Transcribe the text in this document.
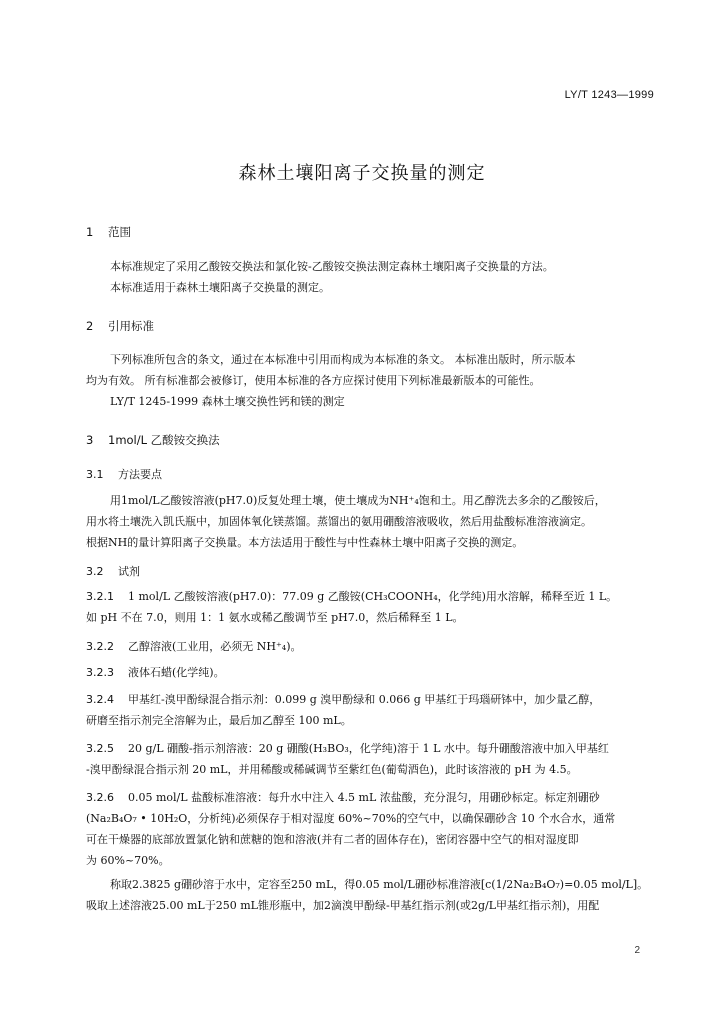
LY/T 1243—1999
森林土壤阳离子交换量的测定
1 范围
本标准规定了采用乙酸铵交换法和氯化铵-乙酸铵交换法测定森林土壤阳离子交换量的方法。
本标准适用于森林土壤阳离子交换量的测定。
2 引用标准
下列标准所包含的条文，通过在本标准中引用而构成为本标准的条文。 本标准出版时，所示版本
均为有效。 所有标准都会被修订，使用本标准的各方应探讨使用下列标准最新版本的可能性。
LY/T 1245-1999 森林土壤交换性钙和镁的测定
3 1mol/L 乙酸铵交换法
3.1 方法要点
用1mol/L乙酸铵溶液(pH7.0)反复处理土壤，使土壤成为NH⁺₄饱和土。用乙醇洗去多余的乙酸铵后，
用水将土壤洗入凯氏瓶中，加固体氧化镁蒸馏。蒸馏出的氨用硼酸溶液吸收，然后用盐酸标准溶液滴定。
根据NH的量计算阳离子交换量。本方法适用于酸性与中性森林土壤中阳离子交换的测定。
3.2 试剂
3.2.1 1 mol/L 乙酸铵溶液(pH7.0)：77.09 g 乙酸铵(CH₃COONH₄，化学纯)用水溶解，稀释至近 1 L。
如 pH 不在 7.0，则用 1：1 氨水或稀乙酸调节至 pH7.0，然后稀释至 1 L。
3.2.2 乙醇溶液(工业用，必须无 NH⁺₄)。
3.2.3 液体石蜡(化学纯)。
3.2.4 甲基红-溴甲酚绿混合指示剂：0.099 g 溴甲酚绿和 0.066 g 甲基红于玛瑙研钵中，加少量乙醇，
研磨至指示剂完全溶解为止，最后加乙醇至 100 mL。
3.2.5 20 g/L 硼酸-指示剂溶液：20 g 硼酸(H₃BO₃，化学纯)溶于 1 L 水中。每升硼酸溶液中加入甲基红
-溴甲酚绿混合指示剂 20 mL，并用稀酸或稀碱调节至紫红色(葡萄酒色)，此时该溶液的 pH 为 4.5。
3.2.6 0.05 mol/L 盐酸标准溶液：每升水中注入 4.5 mL 浓盐酸，充分混匀，用硼砂标定。标定剂硼砂
(Na₂B₄O₇ • 10H₂O，分析纯)必须保存于相对湿度 60%~70%的空气中，以确保硼砂含 10 个水合水，通常
可在干燥器的底部放置氯化钠和蔗糖的饱和溶液(并有二者的固体存在)，密闭容器中空气的相对湿度即
为 60%~70%。
称取2.3825 g硼砂溶于水中，定容至250 mL，得0.05 mol/L硼砂标准溶液[c(1/2Na₂B₄O₇)=0.05 mol/L]。
吸取上述溶液25.00 mL于250 mL锥形瓶中，加2滴溴甲酚绿-甲基红指示剂(或2g/L甲基红指示剂)，用配
2
